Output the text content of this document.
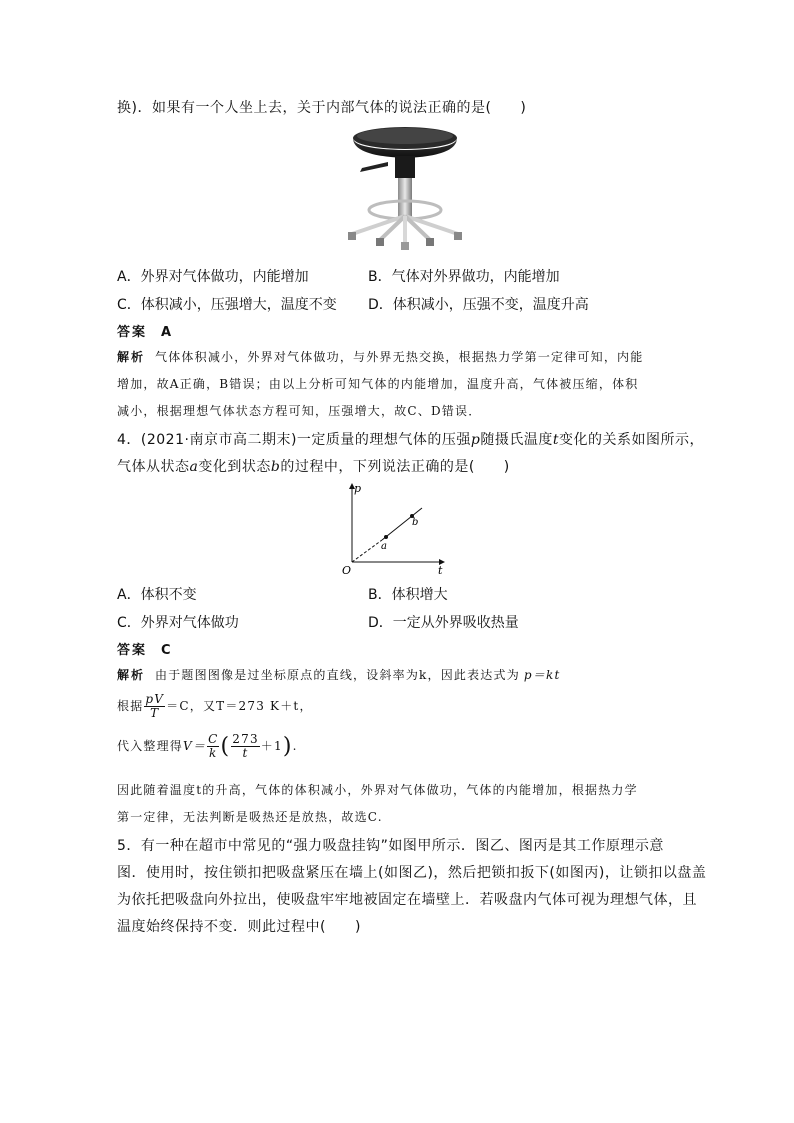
换)．如果有一个人坐上去，关于内部气体的说法正确的是(　　)
A．外界对气体做功，内能增加	B．气体对外界做功，内能增加
C．体积减小，压强增大，温度不变 D．体积减小，压强不变，温度升高
答案 A
解析 气体体积减小，外界对气体做功，与外界无热交换，根据热力学第一定律可知，内能
增加，故A正确，B错误；由以上分析可知气体的内能增加，温度升高，气体被压缩，体积
减小，根据理想气体状态方程可知，压强增大，故C、D错误．
4．(2021·南京市高二期末)一定质量的理想气体的压强p随摄氏温度t变化的关系如图所示，
气体从状态a变化到状态b的过程中，下列说法正确的是(　　)
p
t
O
a
b
A．体积不变	B．体积增大
C．外界对气体做功	D．一定从外界吸收热量
答案 C
解析 由于题图图像是过坐标原点的直线，设斜率为k，因此表达式为 p＝kt
根据 $\frac{pV}{T} =C$，又T＝273 K＋t，
代入整理得$V= \frac{C}{k}$ ( $\frac{273}{t} +1$).
因此随着温度t的升高，气体的体积减小，外界对气体做功，气体的内能增加，根据热力学
第一定律，无法判断是吸热还是放热，故选C.
5．有一种在超市中常见的“强力吸盘挂钩”如图甲所示．图乙、图丙是其工作原理示意
图．使用时，按住锁扣把吸盘紧压在墙上(如图乙)，然后把锁扣扳下(如图丙)，让锁扣以盘盖
为依托把吸盘向外拉出，使吸盘牢牢地被固定在墙壁上．若吸盘内气体可视为理想气体，且
温度始终保持不变．则此过程中(　　)
